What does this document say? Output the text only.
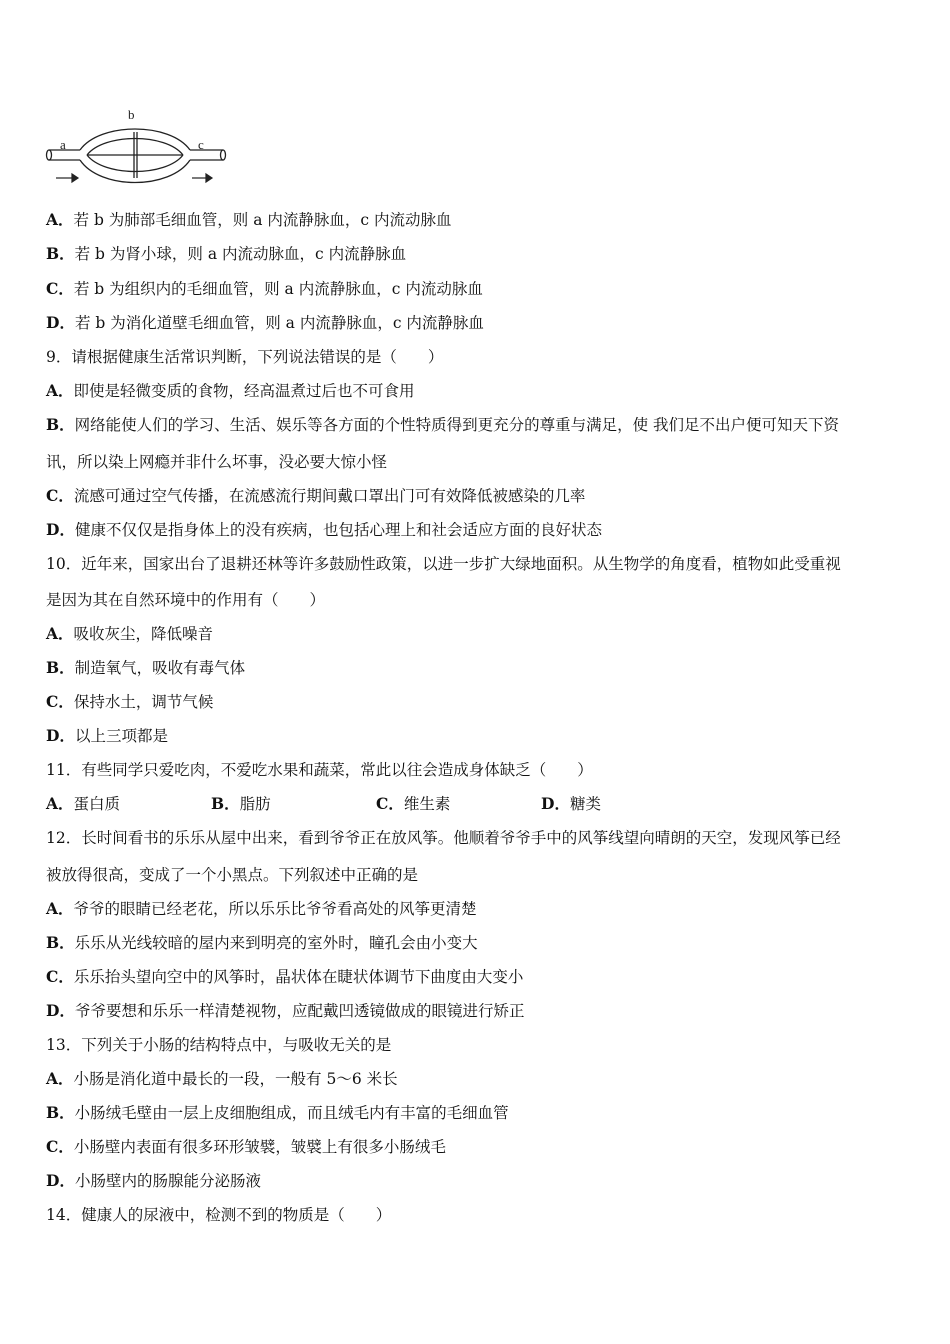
a
b
c
A．若 b 为肺部毛细血管，则 a 内流静脉血，c 内流动脉血
B．若 b 为肾小球，则 a 内流动脉血，c 内流静脉血
C．若 b 为组织内的毛细血管，则 a 内流静脉血，c 内流动脉血
D．若 b 为消化道壁毛细血管，则 a 内流静脉血，c 内流静脉血
9．请根据健康生活常识判断，下列说法错误的是（　　）
A．即使是轻微变质的食物，经高温煮过后也不可食用
B．网络能使人们的学习、生活、娱乐等各方面的个性特质得到更充分的尊重与满足，使 我们足不出户便可知天下资
讯，所以染上网瘾并非什么坏事，没必要大惊小怪
C．流感可通过空气传播，在流感流行期间戴口罩出门可有效降低被感染的几率
D．健康不仅仅是指身体上的没有疾病，也包括心理上和社会适应方面的良好状态
10．近年来，国家出台了退耕还林等许多鼓励性政策，以进一步扩大绿地面积。从生物学的角度看，植物如此受重视
是因为其在自然环境中的作用有（　　）
A．吸收灰尘，降低噪音
B．制造氧气，吸收有毒气体
C．保持水土，调节气候
D．以上三项都是
11．有些同学只爱吃肉，不爱吃水果和蔬菜，常此以往会造成身体缺乏（　　）
A．蛋白质	B．脂肪	C．维生素	D．糖类
12．长时间看书的乐乐从屋中出来，看到爷爷正在放风筝。他顺着爷爷手中的风筝线望向晴朗的天空，发现风筝已经
被放得很高，变成了一个小黑点。下列叙述中正确的是
A．爷爷的眼睛已经老花，所以乐乐比爷爷看高处的风筝更清楚
B．乐乐从光线较暗的屋内来到明亮的室外时，瞳孔会由小变大
C．乐乐抬头望向空中的风筝时，晶状体在睫状体调节下曲度由大变小
D．爷爷要想和乐乐一样清楚视物，应配戴凹透镜做成的眼镜进行矫正
13．下列关于小肠的结构特点中，与吸收无关的是
A．小肠是消化道中最长的一段，一般有 5～6 米长
B．小肠绒毛壁由一层上皮细胞组成，而且绒毛内有丰富的毛细血管
C．小肠壁内表面有很多环形皱襞，皱襞上有很多小肠绒毛
D．小肠壁内的肠腺能分泌肠液
14．健康人的尿液中，检测不到的物质是（　　）
